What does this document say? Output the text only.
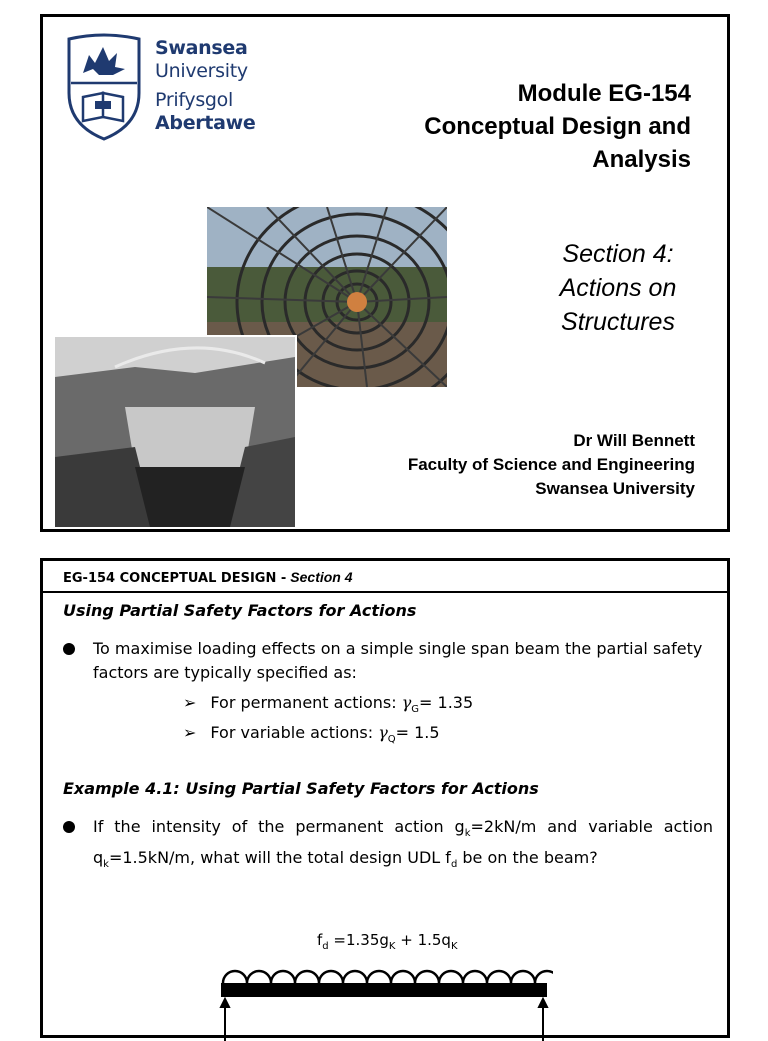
Swansea
University
Prifysgol
Abertawe
Module EG-154
Conceptual Design and
Analysis
Section 4:
Actions on
Structures
Dr Will Bennett
Faculty of Science and Engineering
Swansea University
EG-154 CONCEPTUAL DESIGN - Section 4
Using Partial Safety Factors for Actions
To maximise loading effects on a simple single span beam the partial safety factors are typically specified as:
➢ For permanent actions: $\gamma_G= 1.35$
➢ For variable actions: $\gamma_Q= 1.5$
Example 4.1: Using Partial Safety Factors for Actions
If the intensity of the permanent action $g_k=2kN/m$ and variable action $q_k=1.5kN/m$, what will the total design UDL $f_d$ be on the beam?
$f_d =1.35g_K + 1.5q_K$
